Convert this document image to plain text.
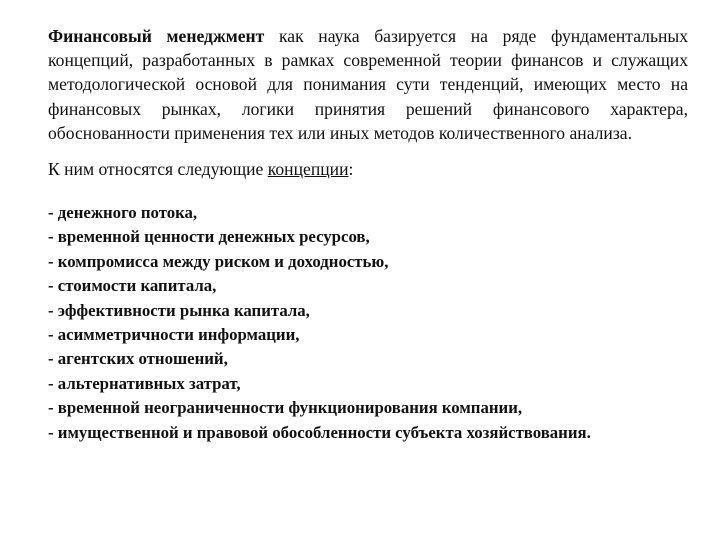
Финансовый менеджмент как наука базируется на ряде фундаментальных концепций, разработанных в рамках современной теории финансов и служащих методологической основой для понимания сути тенденций, имеющих место на финансовых рынках, логики принятия решений финансового характера, обоснованности применения тех или иных методов количественного анализа.

К ним относятся следующие концепции:

- денежного потока,
- временной ценности денежных ресурсов,
- компромисса между риском и доходностью,
- стоимости капитала,
- эффективности рынка капитала,
- асимметричности информации,
- агентских отношений,
- альтернативных затрат,
- временной неограниченности функционирования компании,
- имущественной и правовой обособленности субъекта хозяйствования.
